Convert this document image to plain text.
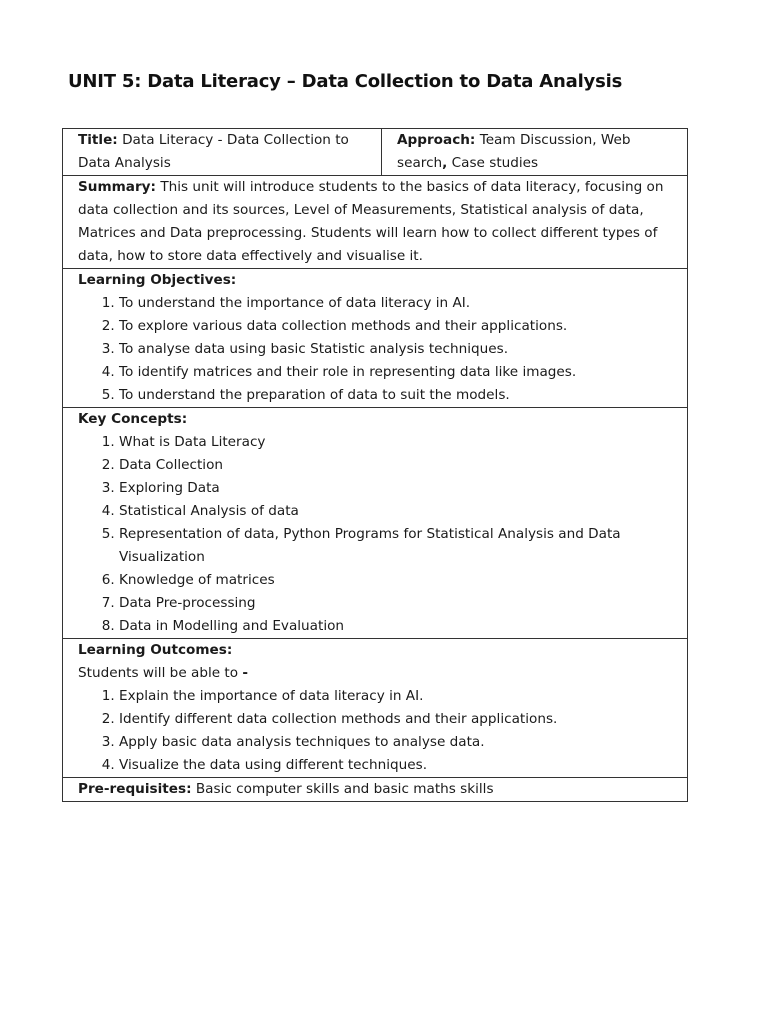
UNIT 5: Data Literacy – Data Collection to Data Analysis
Title: Data Literacy - Data Collection to Data Analysis	Approach: Team Discussion, Web search, Case studies
Summary: This unit will introduce students to the basics of data literacy, focusing on data collection and its sources, Level of Measurements, Statistical analysis of data, Matrices and Data preprocessing. Students will learn how to collect different types of data, how to store data effectively and visualise it.

Learning Objectives:
1. To understand the importance of data literacy in AI.
2. To explore various data collection methods and their applications.
3. To analyse data using basic Statistic analysis techniques.
4. To identify matrices and their role in representing data like images.
5. To understand the preparation of data to suit the models.

Key Concepts:
1. What is Data Literacy
2. Data Collection
3. Exploring Data
4. Statistical Analysis of data
5. Representation of data, Python Programs for Statistical Analysis and Data Visualization
6. Knowledge of matrices
7. Data Pre-processing
8. Data in Modelling and Evaluation

Learning Outcomes:
Students will be able to -
1. Explain the importance of data literacy in AI.
2. Identify different data collection methods and their applications.
3. Apply basic data analysis techniques to analyse data.
4. Visualize the data using different techniques.

Pre-requisites: Basic computer skills and basic maths skills
